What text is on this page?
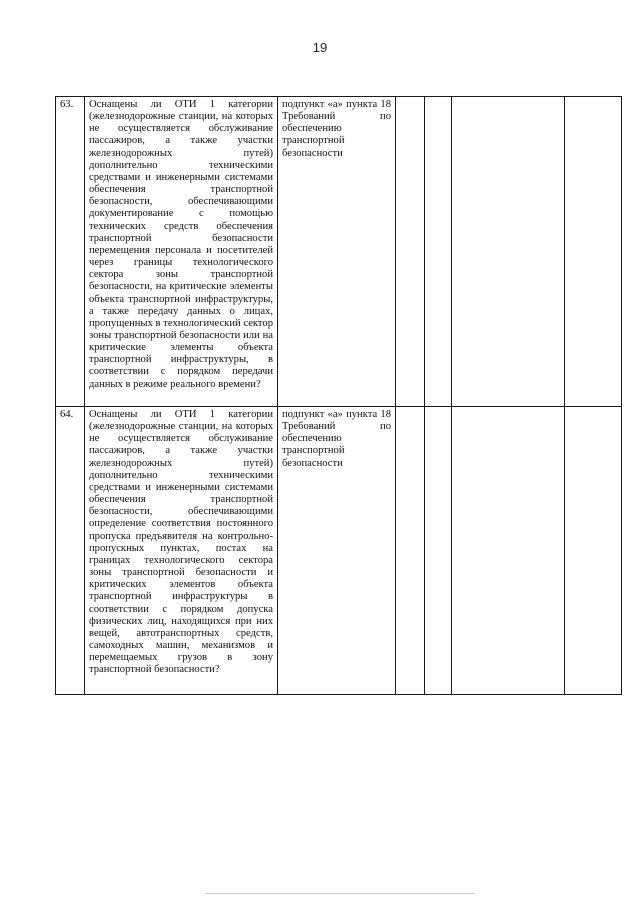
19
63.	Оснащены ли ОТИ 1 категории (железнодорожные станции, на которых не осуществляется обслуживание пассажиров, а также участки железнодорожных путей) дополнительно техническими средствами и инженерными системами обеспечения транспортной безопасности, обеспечивающими документирование с помощью технических средств обеспечения транспортной безопасности перемещения персонала и посетителей через границы технологического сектора зоны транспортной безопасности, на критические элементы объекта транспортной инфраструктуры, а также передачу данных о лицах, пропущенных в технологический сектор зоны транспортной безопасности или на критические элементы объекта транспортной инфраструктуры, в соответствии с порядком передачи данных в режиме реального времени?	подпункт «а» пункта 18 Требований по обеспечению транспортной безопасности				
64.	Оснащены ли ОТИ 1 категории (железнодорожные станции, на которых не осуществляется обслуживание пассажиров, а также участки железнодорожных путей) дополнительно техническими средствами и инженерными системами обеспечения транспортной безопасности, обеспечивающими определение соответствия постоянного пропуска предъявителя на контрольно-пропускных пунктах, постах на границах технологического сектора зоны транспортной безопасности и критических элементов объекта транспортной инфраструктуры в соответствии с порядком допуска физических лиц, находящихся при них вещей, автотранспортных средств, самоходных машин, механизмов и перемещаемых грузов в зону транспортной безопасности?	подпункт «а» пункта 18 Требований по обеспечению транспортной безопасности				
